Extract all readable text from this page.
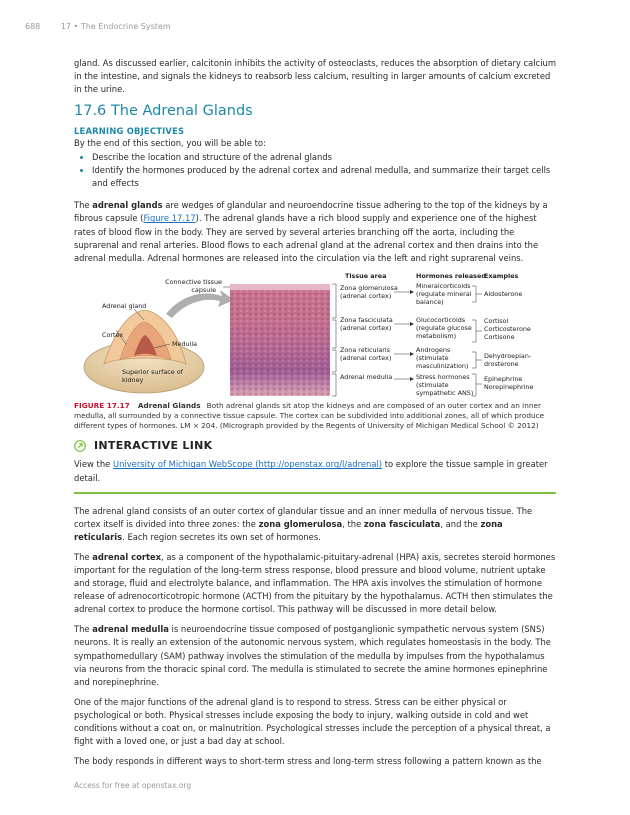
688	17 • The Endocrine System

gland. As discussed earlier, calcitonin inhibits the activity of osteoclasts, reduces the absorption of dietary calcium in the intestine, and signals the kidneys to reabsorb less calcium, resulting in larger amounts of calcium excreted in the urine.

17.6 The Adrenal Glands
LEARNING OBJECTIVES

By the end of this section, you will be able to:

• Describe the location and structure of the adrenal glands
• Identify the hormones produced by the adrenal cortex and adrenal medulla, and summarize their target cells and effects

The adrenal glands are wedges of glandular and neuroendocrine tissue adhering to the top of the kidneys by a fibrous capsule (Figure 17.17). The adrenal glands have a rich blood supply and experience one of the highest rates of blood flow in the body. They are served by several arteries branching off the aorta, including the suprarenal and renal arteries. Blood flows to each adrenal gland at the adrenal cortex and then drains into the adrenal medulla. Adrenal hormones are released into the circulation via the left and right suprarenal veins.

Connective tissue
capsule
Adrenal gland
Cortex
Medulla
Superior surface of
kidney
Tissue area	Hormones released
Examples
Zona glomerulosa
(adrenal cortex)
Zona fasciculata
(adrenal cortex)
Zona reticularis
(adrenal cortex)
Adrenal medulla
Mineralcorticoids
(regulate mineral
balance)
Glucocorticoids
(regulate glucose
metabolism)
Androgens
(stimulate
masculinization)
Stress hormones
(stimulate
sympathetic ANS)
Aldosterone
Cortisol
Corticosterone
Cortisone
Dehydroepian-
drosterone
Epinephrine
Norepinephrine
FIGURE 17.17 Adrenal Glands Both adrenal glands sit atop the kidneys and are composed of an outer cortex and an inner medulla, all surrounded by a connective tissue capsule. The cortex can be subdivided into additional zones, all of which produce different types of hormones. LM × 204. (Micrograph provided by the Regents of University of Michigan Medical School © 2012)
INTERACTIVE LINK

View the University of Michigan WebScope (http://openstax.org/l/adrenal) to explore the tissue sample in greater detail.

The adrenal gland consists of an outer cortex of glandular tissue and an inner medulla of nervous tissue. The cortex itself is divided into three zones: the zona glomerulosa, the zona fasciculata, and the zona reticularis. Each region secretes its own set of hormones.

The adrenal cortex, as a component of the hypothalamic-pituitary-adrenal (HPA) axis, secretes steroid hormones important for the regulation of the long-term stress response, blood pressure and blood volume, nutrient uptake and storage, fluid and electrolyte balance, and inflammation. The HPA axis involves the stimulation of hormone release of adrenocorticotropic hormone (ACTH) from the pituitary by the hypothalamus. ACTH then stimulates the adrenal cortex to produce the hormone cortisol. This pathway will be discussed in more detail below.

The adrenal medulla is neuroendocrine tissue composed of postganglionic sympathetic nervous system (SNS) neurons. It is really an extension of the autonomic nervous system, which regulates homeostasis in the body. The sympathomedullary (SAM) pathway involves the stimulation of the medulla by impulses from the hypothalamus via neurons from the thoracic spinal cord. The medulla is stimulated to secrete the amine hormones epinephrine and norepinephrine.

One of the major functions of the adrenal gland is to respond to stress. Stress can be either physical or psychological or both. Physical stresses include exposing the body to injury, walking outside in cold and wet conditions without a coat on, or malnutrition. Psychological stresses include the perception of a physical threat, a fight with a loved one, or just a bad day at school.

The body responds in different ways to short-term stress and long-term stress following a pattern known as the

Access for free at openstax.org
